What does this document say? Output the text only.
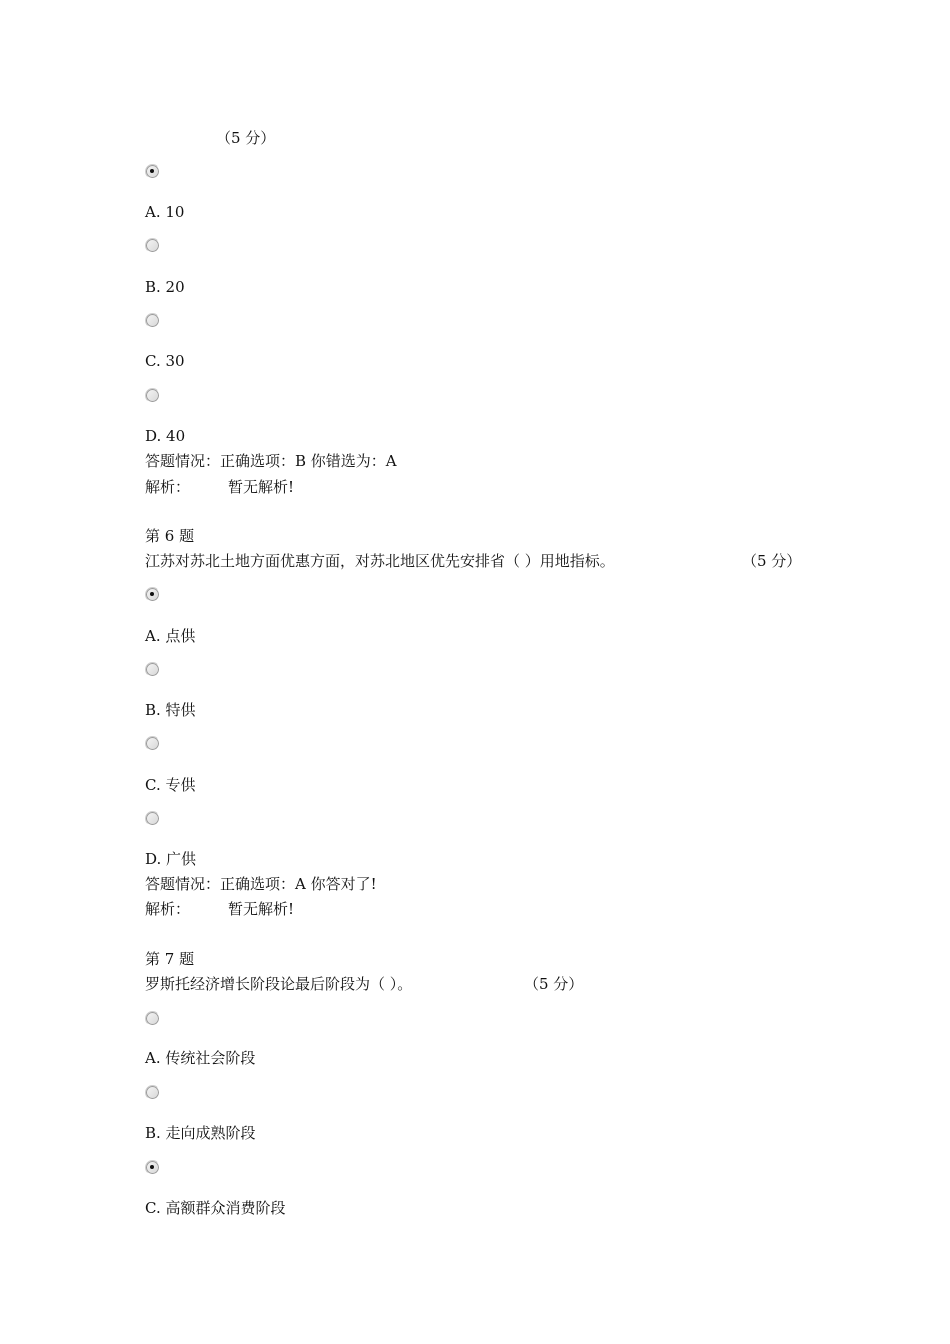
（5 分）
A. 10
B. 20
C. 30
D. 40
答题情况：正确选项：B 你错选为：A
解析：	暂无解析!
第 6 题
江苏对苏北土地方面优惠方面，对苏北地区优先安排省（ ）用地指标。	（5 分）
A. 点供
B. 特供
C. 专供
D. 广供
答题情况：正确选项：A 你答对了!
解析：	暂无解析!
第 7 题
罗斯托经济增长阶段论最后阶段为（ ）。	（5 分）
A. 传统社会阶段
B. 走向成熟阶段
C. 高额群众消费阶段
